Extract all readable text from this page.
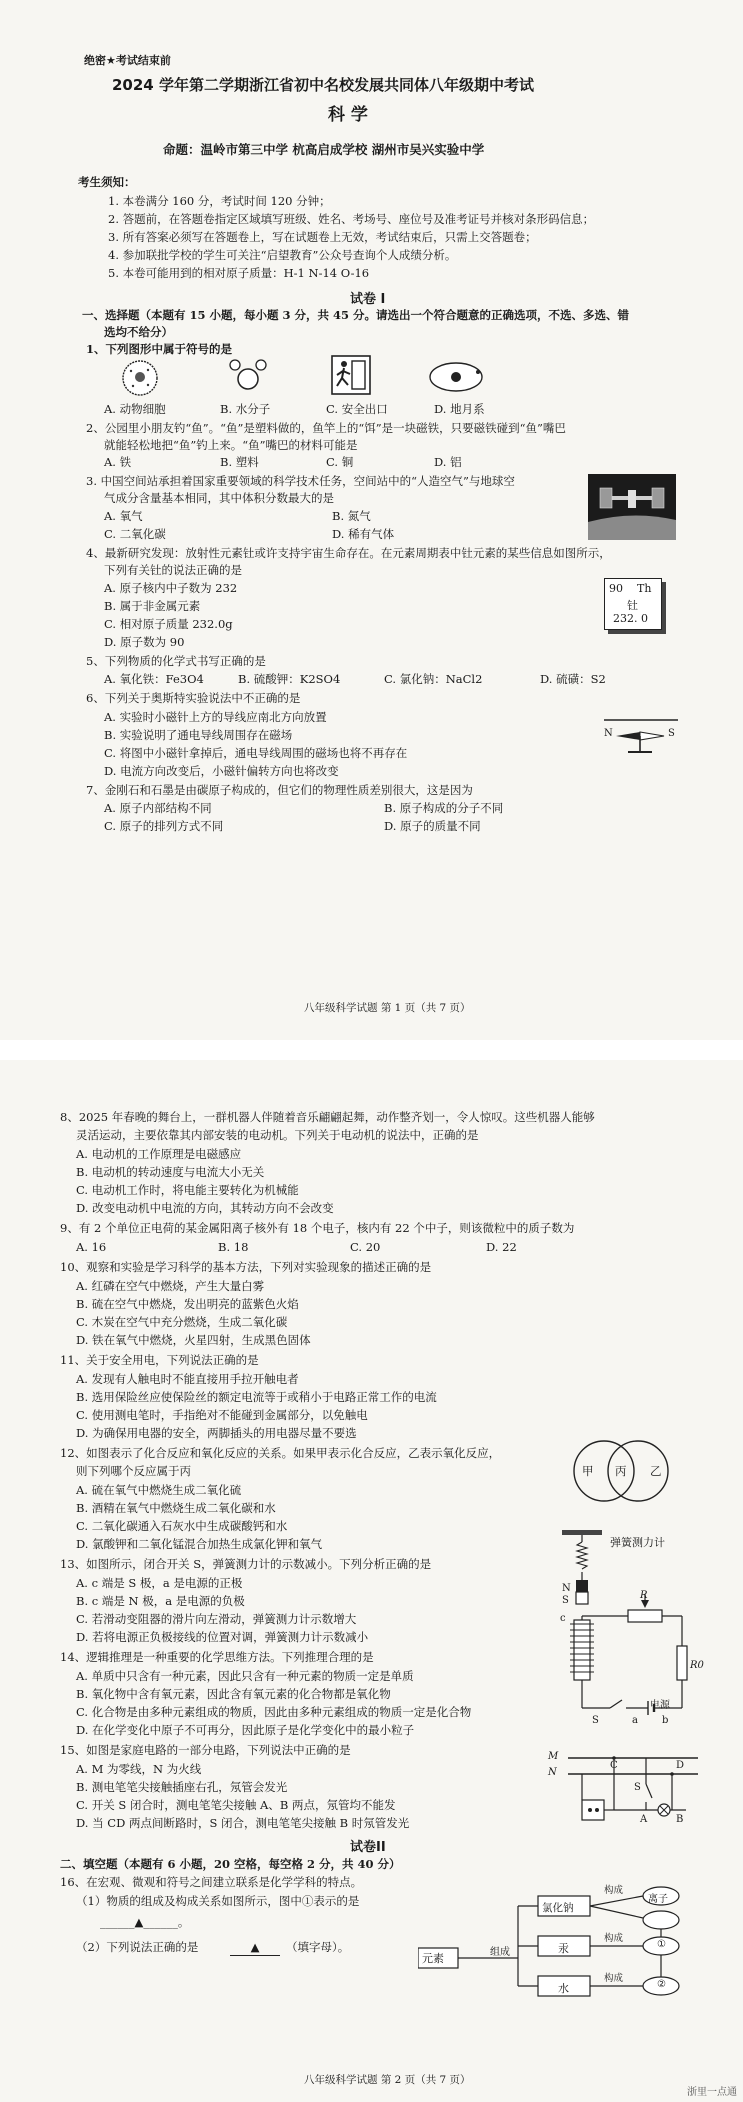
绝密★考试结束前
2024 学年第二学期浙江省初中名校发展共同体八年级期中考试
科 学
命题：温岭市第三中学 杭高启成学校 湖州市吴兴实验中学
考生须知：
1. 本卷满分 160 分，考试时间 120 分钟；
2. 答题前，在答题卷指定区域填写班级、姓名、考场号、座位号及准考证号并核对条形码信息；
3. 所有答案必须写在答题卷上，写在试题卷上无效，考试结束后，只需上交答题卷；
4. 参加联批学校的学生可关注“启望教育”公众号查询个人成绩分析。
5. 本卷可能用到的相对原子质量：H-1 N-14 O-16
试卷 I
一、选择题（本题有 15 小题，每小题 3 分，共 45 分。请选出一个符合题意的正确选项，不选、多选、错
选均不给分）
1、下列图形中属于符号的是
A. 动物细胞	B. 水分子	C. 安全出口	D. 地月系
2、公园里小朋友钓“鱼”。“鱼”是塑料做的，鱼竿上的“饵”是一块磁铁，只要磁铁碰到“鱼”嘴巴
就能轻松地把“鱼”钓上来。“鱼”嘴巴的材料可能是
A. 铁	B. 塑料	C. 铜	D. 铝
3. 中国空间站承担着国家重要领域的科学技术任务，空间站中的“人造空气”与地球空
气成分含量基本相同，其中体积分数最大的是
A. 氧气	B. 氮气
C. 二氧化碳	D. 稀有气体
4、最新研究发现：放射性元素钍或许支持宇宙生命存在。在元素周期表中钍元素的某些信息如图所示，
下列有关钍的说法正确的是
A. 原子核内中子数为 232
B. 属于非金属元素
C. 相对原子质量 232.0g
D. 原子数为 90
90 Th
钍
232. 0
5、下列物质的化学式书写正确的是
A. 氧化铁：Fe3O4	B. 硫酸钾：K2SO4	C. 氯化钠：NaCl2	D. 硫磺：S2
6、下列关于奥斯特实验说法中不正确的是
A. 实验时小磁针上方的导线应南北方向放置
B. 实验说明了通电导线周围存在磁场
C. 将图中小磁针拿掉后，通电导线周围的磁场也将不再存在
D. 电流方向改变后，小磁针偏转方向也将改变
N	S
7、金刚石和石墨是由碳原子构成的，但它们的物理性质差别很大，这是因为
A. 原子内部结构不同	B. 原子构成的分子不同
C. 原子的排列方式不同	D. 原子的质量不同
八年级科学试题 第 1 页（共 7 页）
8、2025 年春晚的舞台上，一群机器人伴随着音乐翩翩起舞，动作整齐划一，令人惊叹。这些机器人能够
灵活运动，主要依靠其内部安装的电动机。下列关于电动机的说法中，正确的是
A. 电动机的工作原理是电磁感应
B. 电动机的转动速度与电流大小无关
C. 电动机工作时，将电能主要转化为机械能
D. 改变电动机中电流的方向，其转动方向不会改变
9、有 2 个单位正电荷的某金属阳离子核外有 18 个电子，核内有 22 个中子，则该微粒中的质子数为
A. 16	B. 18	C. 20	D. 22
10、观察和实验是学习科学的基本方法，下列对实验现象的描述正确的是
A. 红磷在空气中燃烧，产生大量白雾
B. 硫在空气中燃烧，发出明亮的蓝紫色火焰
C. 木炭在空气中充分燃烧，生成二氧化碳
D. 铁在氧气中燃烧，火星四射，生成黑色固体
11、关于安全用电，下列说法正确的是
A. 发现有人触电时不能直接用手拉开触电者
B. 选用保险丝应使保险丝的额定电流等于或稍小于电路正常工作的电流
C. 使用测电笔时，手指绝对不能碰到金属部分，以免触电
D. 为确保用电器的安全，两脚插头的用电器尽量不要选
12、如图表示了化合反应和氧化反应的关系。如果甲表示化合反应，乙表示氧化反应，
则下列哪个反应属于丙
A. 硫在氧气中燃烧生成二氧化硫
B. 酒精在氧气中燃烧生成二氧化碳和水
C. 二氧化碳通入石灰水中生成碳酸钙和水
D. 氯酸钾和二氧化锰混合加热生成氯化钾和氧气
甲 丙 乙
13、如图所示，闭合开关 S，弹簧测力计的示数减小。下列分析正确的是
A. c 端是 S 极，a 是电源的正极
B. c 端是 N 极，a 是电源的负极
C. 若滑动变阻器的滑片向左滑动，弹簧测力计示数增大
D. 若将电源正负极接线的位置对调，弹簧测力计示数减小
弹簧测力计
N
S
c
R
R0
S	a
电源
b
14、逻辑推理是一种重要的化学思维方法。下列推理合理的是
A. 单质中只含有一种元素，因此只含有一种元素的物质一定是单质
B. 氧化物中含有氧元素，因此含有氧元素的化合物都是氧化物
C. 化合物是由多种元素组成的物质，因此由多种元素组成的物质一定是化合物
D. 在化学变化中原子不可再分，因此原子是化学变化中的最小粒子
15、如图是家庭电路的一部分电路，下列说法中正确的是
A. M 为零线，N 为火线
B. 测电笔笔尖接触插座右孔，氖管会发光
C. 开关 S 闭合时，测电笔笔尖接触 A、B 两点，氖管均不能发
D. 当 CD 两点间断路时，S 闭合，测电笔笔尖接触 B 时氖管发光
M
N
C	D
S
A	B
试卷II
二、填空题（本题有 6 小题，20 空格，每空格 2 分，共 40 分）
16、在宏观、微观和符号之间建立联系是化学学科的特点。
（1）物质的组成及构成关系如图所示，图中①表示的是
______▲______。
（2）下列说法正确的是	▲	（填字母）。
元素	组成
氯化钠
汞
水
构成
构成
构成
离子
①
②
八年级科学试题 第 2 页（共 7 页）
浙里一点通
